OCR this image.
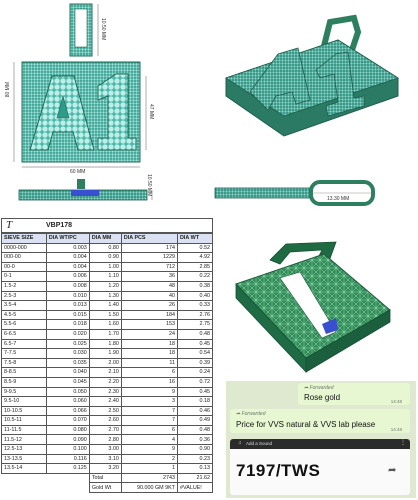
80 MM
10.50 MM
47 MM
60 MM
10.50 MM
13.30 MM
T	VBP178
SIEVE SIZE	DIA WT/PC	DIA MM	DIA PCS	DIA WT
0000-000	0.003	0.80	174	0.52
000-00	0.004	0.90	1229	4.92
00-0	0.004	1.00	712	2.85
0-1	0.006	1.10	36	0.22
1.5-2	0.008	1.20	48	0.38
2.5-3	0.010	1.30	40	0.40
3.5-4	0.013	1.40	26	0.33
4.5-5	0.015	1.50	184	2.76
5.5-6	0.018	1.60	153	2.75
6-6.5	0.020	1.70	24	0.48
6.5-7	0.025	1.80	18	0.45
7-7.5	0.030	1.90	18	0.54
7.5-8	0.035	2.00	11	0.39
8-8.5	0.040	2.10	6	0.24
8.5-9	0.045	2.20	16	0.72
9-9.5	0.050	2.30	9	0.45
9.5-10	0.060	2.40	3	0.18
10-10.5	0.066	2.50	7	0.46
10.5-11	0.070	2.60	7	0.49
11-11.5	0.080	2.70	6	0.48
11.5-12	0.090	2.80	4	0.36
12.5-13	0.100	3.00	9	0.90
13-13.5	0.116	3.10	2	0.23
13.5-14	0.125	3.20	1	0.13
		Total	2743	21.62
		Gold Wt	90.000 GM 9KT	#VALUE!
➦ Forwarded
Rose gold	14:48
➦ Forwarded
Price for VVS natural & VVS lab please
14:48
♫ Add a Sound	⋮
7197/TWS	➦
